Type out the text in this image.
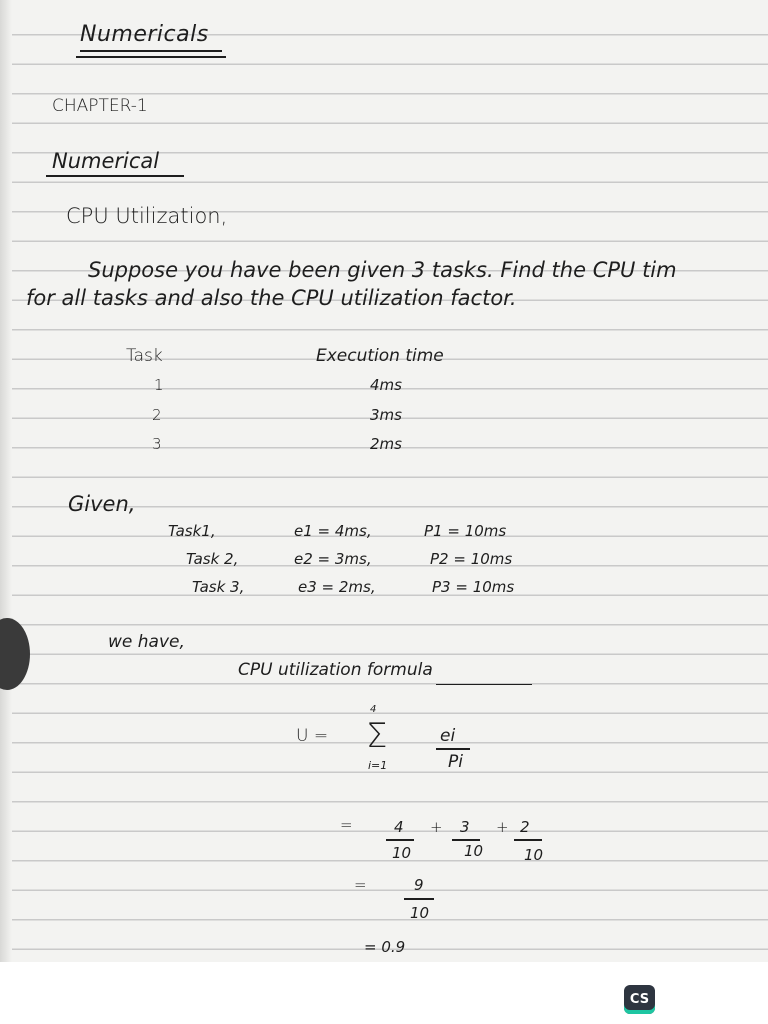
Numericals
CHAPTER-1
Numerical
CPU Utilization,
Suppose you have been given 3 tasks. Find the CPU tim
for all tasks and also the CPU utilization factor.
Task	Execution time
1	4ms
2	3ms
3	2ms
Given,
Task1,	e1 = 4ms,	P1 = 10ms
Task 2,	e2 = 3ms,	P2 = 10ms
Task 3,	e3 = 2ms,	P3 = 10ms
we have,
CPU utilization formula
U =
4
Σ
i=1
ei
Pi
=	4
10
+ 3
10
+ 2
10
=	9
10
= 0.9
CS
